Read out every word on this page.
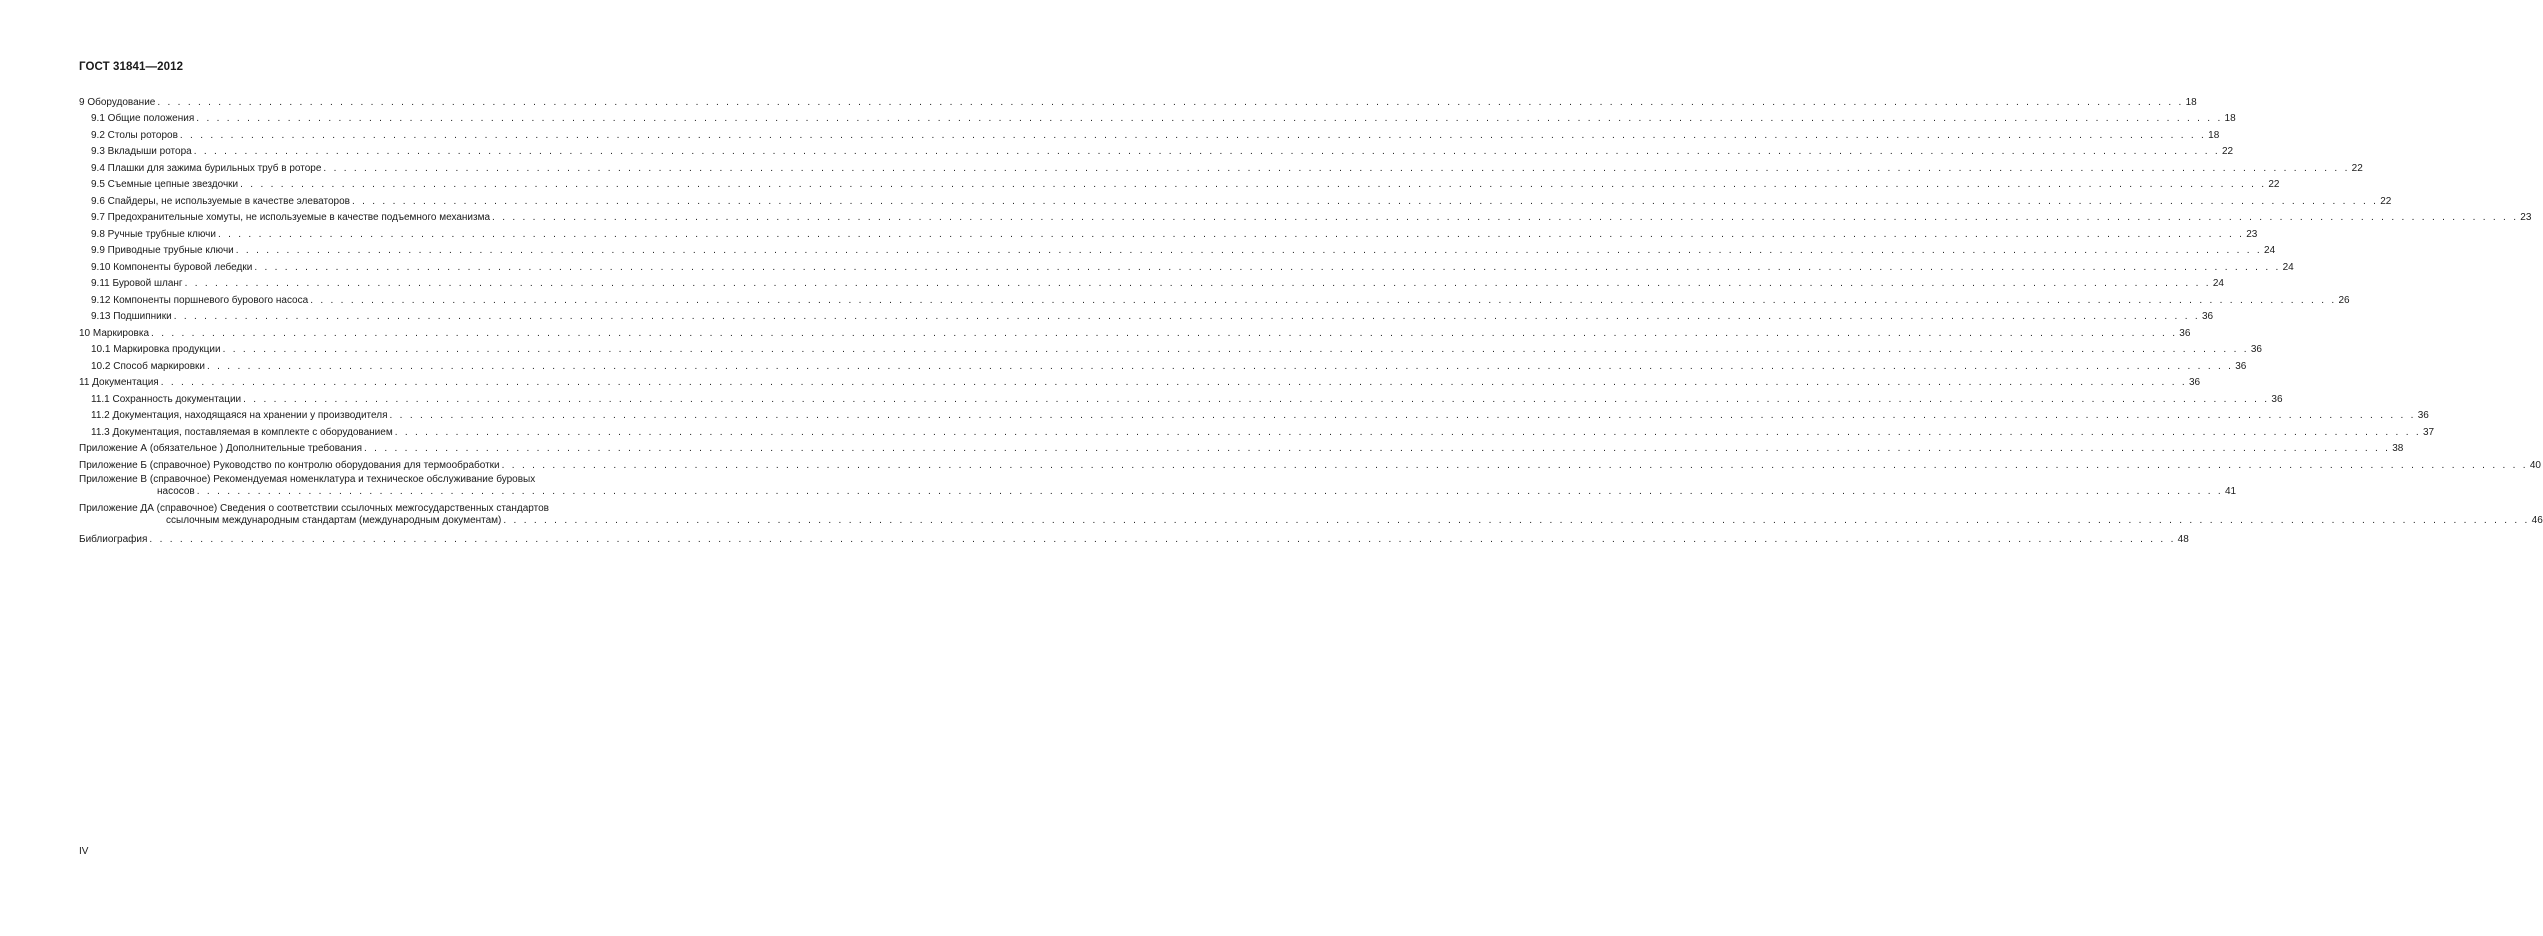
ГОСТ 31841—2012
9 Оборудование . . . . . . . . . . . . . . . . . . . . . . . . . . . . . . . . . . . . . . . . . . . . . . . . . . . . . . . . . . . . . . . . . . . . . . . . . . . . . . . . . . . . . . . . . . . . . . . . . . . . . . . . . . . . . . . . . . . . . . . . . . . . . . . . . . . . . . . . . . . . . . . . . . . . . . . . . . . . . . . . . . . . . . . . . . . . . . . . . . . . . . . . . . . . . . . . . . . . . . . . 18
9.1 Общие положения . . . . . . . . . . . . . . . . . . . . . . . . . . . . . . . . . . . . . . . . . . . . . . . . . . . . . . . . . . . . . . . . . . . . . . . . . . . . . . . . . . . . . . . . . . . . . . . . . . . . . . . . . . . . . . . . . . . . . . . . . . . . . . . . . . . . . . . . . . . . . . . . . . . . . . . . . . . . . . . . . . . . . . . . . . . . . . . . . . . . . . . . . . . . . . . . . . . . . . . . 18
9.2 Столы роторов . . . . . . . . . . . . . . . . . . . . . . . . . . . . . . . . . . . . . . . . . . . . . . . . . . . . . . . . . . . . . . . . . . . . . . . . . . . . . . . . . . . . . . . . . . . . . . . . . . . . . . . . . . . . . . . . . . . . . . . . . . . . . . . . . . . . . . . . . . . . . . . . . . . . . . . . . . . . . . . . . . . . . . . . . . . . . . . . . . . . . . . . . . . . . . . . . . . . . . . . 18
9.3 Вкладыши ротора . . . . . . . . . . . . . . . . . . . . . . . . . . . . . . . . . . . . . . . . . . . . . . . . . . . . . . . . . . . . . . . . . . . . . . . . . . . . . . . . . . . . . . . . . . . . . . . . . . . . . . . . . . . . . . . . . . . . . . . . . . . . . . . . . . . . . . . . . . . . . . . . . . . . . . . . . . . . . . . . . . . . . . . . . . . . . . . . . . . . . . . . . . . . . . . . . . . . . . . . 22
9.4 Плашки для зажима бурильных труб в роторе . . . . . . . . . . . . . . . . . . . . . . . . . . . . . . . . . . . . . . . . . . . . . . . . . . . . . . . . . . . . . . . . . . . . . . . . . . . . . . . . . . . . . . . . . . . . . . . . . . . . . . . . . . . . . . . . . . . . . . . . . . . . . . . . . . . . . . . . . . . . . . . . . . . . . . . . . . . . . . . . . . . . . . . . . . . . . . . . . . . . . . . . . . . . . . . . . . . . . . . . 22
9.5 Съемные цепные звездочки . . . . . . . . . . . . . . . . . . . . . . . . . . . . . . . . . . . . . . . . . . . . . . . . . . . . . . . . . . . . . . . . . . . . . . . . . . . . . . . . . . . . . . . . . . . . . . . . . . . . . . . . . . . . . . . . . . . . . . . . . . . . . . . . . . . . . . . . . . . . . . . . . . . . . . . . . . . . . . . . . . . . . . . . . . . . . . . . . . . . . . . . . . . . . . . . . . . . . . . . 22
9.6 Спайдеры, не используемые в качестве элеваторов . . . . . . . . . . . . . . . . . . . . . . . . . . . . . . . . . . . . . . . . . . . . . . . . . . . . . . . . . . . . . . . . . . . . . . . . . . . . . . . . . . . . . . . . . . . . . . . . . . . . . . . . . . . . . . . . . . . . . . . . . . . . . . . . . . . . . . . . . . . . . . . . . . . . . . . . . . . . . . . . . . . . . . . . . . . . . . . . . . . . . . . . . . . . . . . . . . . . . . . . 22
9.7 Предохранительные хомуты, не используемые в качестве подъемного механизма . . . . . . . . . . . . . . . . . . . . . . . . . . . . . . . . . . . . . . . . . . . . . . . . . . . . . . . . . . . . . . . . . . . . . . . . . . . . . . . . . . . . . . . . . . . . . . . . . . . . . . . . . . . . . . . . . . . . . . . . . . . . . . . . . . . . . . . . . . . . . . . . . . . . . . . . . . . . . . . . . . . . . . . . . . . . . . . . . . . . . . . . . . . . . . . . . . . . . . . . 23
9.8 Ручные трубные ключи . . . . . . . . . . . . . . . . . . . . . . . . . . . . . . . . . . . . . . . . . . . . . . . . . . . . . . . . . . . . . . . . . . . . . . . . . . . . . . . . . . . . . . . . . . . . . . . . . . . . . . . . . . . . . . . . . . . . . . . . . . . . . . . . . . . . . . . . . . . . . . . . . . . . . . . . . . . . . . . . . . . . . . . . . . . . . . . . . . . . . . . . . . . . . . . . . . . . . . . . 23
9.9 Приводные трубные ключи . . . . . . . . . . . . . . . . . . . . . . . . . . . . . . . . . . . . . . . . . . . . . . . . . . . . . . . . . . . . . . . . . . . . . . . . . . . . . . . . . . . . . . . . . . . . . . . . . . . . . . . . . . . . . . . . . . . . . . . . . . . . . . . . . . . . . . . . . . . . . . . . . . . . . . . . . . . . . . . . . . . . . . . . . . . . . . . . . . . . . . . . . . . . . . . . . . . . . . . . 24
9.10 Компоненты буровой лебедки . . . . . . . . . . . . . . . . . . . . . . . . . . . . . . . . . . . . . . . . . . . . . . . . . . . . . . . . . . . . . . . . . . . . . . . . . . . . . . . . . . . . . . . . . . . . . . . . . . . . . . . . . . . . . . . . . . . . . . . . . . . . . . . . . . . . . . . . . . . . . . . . . . . . . . . . . . . . . . . . . . . . . . . . . . . . . . . . . . . . . . . . . . . . . . . . . . . . . . . . 24
9.11 Буровой шланг . . . . . . . . . . . . . . . . . . . . . . . . . . . . . . . . . . . . . . . . . . . . . . . . . . . . . . . . . . . . . . . . . . . . . . . . . . . . . . . . . . . . . . . . . . . . . . . . . . . . . . . . . . . . . . . . . . . . . . . . . . . . . . . . . . . . . . . . . . . . . . . . . . . . . . . . . . . . . . . . . . . . . . . . . . . . . . . . . . . . . . . . . . . . . . . . . . . . . . . . 24
9.12 Компоненты поршневого бурового насоса . . . . . . . . . . . . . . . . . . . . . . . . . . . . . . . . . . . . . . . . . . . . . . . . . . . . . . . . . . . . . . . . . . . . . . . . . . . . . . . . . . . . . . . . . . . . . . . . . . . . . . . . . . . . . . . . . . . . . . . . . . . . . . . . . . . . . . . . . . . . . . . . . . . . . . . . . . . . . . . . . . . . . . . . . . . . . . . . . . . . . . . . . . . . . . . . . . . . . . . . 26
9.13 Подшипники . . . . . . . . . . . . . . . . . . . . . . . . . . . . . . . . . . . . . . . . . . . . . . . . . . . . . . . . . . . . . . . . . . . . . . . . . . . . . . . . . . . . . . . . . . . . . . . . . . . . . . . . . . . . . . . . . . . . . . . . . . . . . . . . . . . . . . . . . . . . . . . . . . . . . . . . . . . . . . . . . . . . . . . . . . . . . . . . . . . . . . . . . . . . . . . . . . . . . . . . 36
10 Маркировка . . . . . . . . . . . . . . . . . . . . . . . . . . . . . . . . . . . . . . . . . . . . . . . . . . . . . . . . . . . . . . . . . . . . . . . . . . . . . . . . . . . . . . . . . . . . . . . . . . . . . . . . . . . . . . . . . . . . . . . . . . . . . . . . . . . . . . . . . . . . . . . . . . . . . . . . . . . . . . . . . . . . . . . . . . . . . . . . . . . . . . . . . . . . . . . . . . . . . . . . 36
10.1 Маркировка продукции . . . . . . . . . . . . . . . . . . . . . . . . . . . . . . . . . . . . . . . . . . . . . . . . . . . . . . . . . . . . . . . . . . . . . . . . . . . . . . . . . . . . . . . . . . . . . . . . . . . . . . . . . . . . . . . . . . . . . . . . . . . . . . . . . . . . . . . . . . . . . . . . . . . . . . . . . . . . . . . . . . . . . . . . . . . . . . . . . . . . . . . . . . . . . . . . . . . . . . . . 36
10.2 Способ маркировки . . . . . . . . . . . . . . . . . . . . . . . . . . . . . . . . . . . . . . . . . . . . . . . . . . . . . . . . . . . . . . . . . . . . . . . . . . . . . . . . . . . . . . . . . . . . . . . . . . . . . . . . . . . . . . . . . . . . . . . . . . . . . . . . . . . . . . . . . . . . . . . . . . . . . . . . . . . . . . . . . . . . . . . . . . . . . . . . . . . . . . . . . . . . . . . . . . . . . . . . 36
11 Документация . . . . . . . . . . . . . . . . . . . . . . . . . . . . . . . . . . . . . . . . . . . . . . . . . . . . . . . . . . . . . . . . . . . . . . . . . . . . . . . . . . . . . . . . . . . . . . . . . . . . . . . . . . . . . . . . . . . . . . . . . . . . . . . . . . . . . . . . . . . . . . . . . . . . . . . . . . . . . . . . . . . . . . . . . . . . . . . . . . . . . . . . . . . . . . . . . . . . . . . . 36
11.1 Сохранность документации . . . . . . . . . . . . . . . . . . . . . . . . . . . . . . . . . . . . . . . . . . . . . . . . . . . . . . . . . . . . . . . . . . . . . . . . . . . . . . . . . . . . . . . . . . . . . . . . . . . . . . . . . . . . . . . . . . . . . . . . . . . . . . . . . . . . . . . . . . . . . . . . . . . . . . . . . . . . . . . . . . . . . . . . . . . . . . . . . . . . . . . . . . . . . . . . . . . . . . . . 36
11.2 Документация, находящаяся на хранении у производителя . . . . . . . . . . . . . . . . . . . . . . . . . . . . . . . . . . . . . . . . . . . . . . . . . . . . . . . . . . . . . . . . . . . . . . . . . . . . . . . . . . . . . . . . . . . . . . . . . . . . . . . . . . . . . . . . . . . . . . . . . . . . . . . . . . . . . . . . . . . . . . . . . . . . . . . . . . . . . . . . . . . . . . . . . . . . . . . . . . . . . . . . . . . . . . . . . . . . . . . . 36
11.3 Документация, поставляемая в комплекте с оборудованием . . . . . . . . . . . . . . . . . . . . . . . . . . . . . . . . . . . . . . . . . . . . . . . . . . . . . . . . . . . . . . . . . . . . . . . . . . . . . . . . . . . . . . . . . . . . . . . . . . . . . . . . . . . . . . . . . . . . . . . . . . . . . . . . . . . . . . . . . . . . . . . . . . . . . . . . . . . . . . . . . . . . . . . . . . . . . . . . . . . . . . . . . . . . . . . . . . . . . . . . 37
Приложение А (обязательное ) Дополнительные требования . . . . . . . . . . . . . . . . . . . . . . . . . . . . . . . . . . . . . . . . . . . . . . . . . . . . . . . . . . . . . . . . . . . . . . . . . . . . . . . . . . . . . . . . . . . . . . . . . . . . . . . . . . . . . . . . . . . . . . . . . . . . . . . . . . . . . . . . . . . . . . . . . . . . . . . . . . . . . . . . . . . . . . . . . . . . . . . . . . . . . . . . . . . . . . . . . . . . . . . . 38
Приложение Б (справочное) Руководство по контролю оборудования для термообработки . . . . . . . . . . . . . . . . . . . . . . . . . . . . . . . . . . . . . . . . . . . . . . . . . . . . . . . . . . . . . . . . . . . . . . . . . . . . . . . . . . . . . . . . . . . . . . . . . . . . . . . . . . . . . . . . . . . . . . . . . . . . . . . . . . . . . . . . . . . . . . . . . . . . . . . . . . . . . . . . . . . . . . . . . . . . . . . . . . . . . . . . . . . . . . . . . . . . . . . . 40
Приложение В (справочное) Рекомендуемая номенклатура и техническое обслуживание буровых
насосов . . . . . . . . . . . . . . . . . . . . . . . . . . . . . . . . . . . . . . . . . . . . . . . . . . . . . . . . . . . . . . . . . . . . . . . . . . . . . . . . . . . . . . . . . . . . . . . . . . . . . . . . . . . . . . . . . . . . . . . . . . . . . . . . . . . . . . . . . . . . . . . . . . . . . . . . . . . . . . . . . . . . . . . . . . . . . . . . . . . . . . . . . . . . . . . . . . . . . . . . 41
Приложение ДА (справочное) Сведения о соответствии ссылочных межгосударственных стандартов
ссылочным международным стандартам (международным документам) . . . . . . . . . . . . . . . . . . . . . . . . . . . . . . . . . . . . . . . . . . . . . . . . . . . . . . . . . . . . . . . . . . . . . . . . . . . . . . . . . . . . . . . . . . . . . . . . . . . . . . . . . . . . . . . . . . . . . . . . . . . . . . . . . . . . . . . . . . . . . . . . . . . . . . . . . . . . . . . . . . . . . . . . . . . . . . . . . . . . . . . . . . . . . . . . . . . . . . . . 46
Библиография . . . . . . . . . . . . . . . . . . . . . . . . . . . . . . . . . . . . . . . . . . . . . . . . . . . . . . . . . . . . . . . . . . . . . . . . . . . . . . . . . . . . . . . . . . . . . . . . . . . . . . . . . . . . . . . . . . . . . . . . . . . . . . . . . . . . . . . . . . . . . . . . . . . . . . . . . . . . . . . . . . . . . . . . . . . . . . . . . . . . . . . . . . . . . . . . . . . . . . . . 48
IV
